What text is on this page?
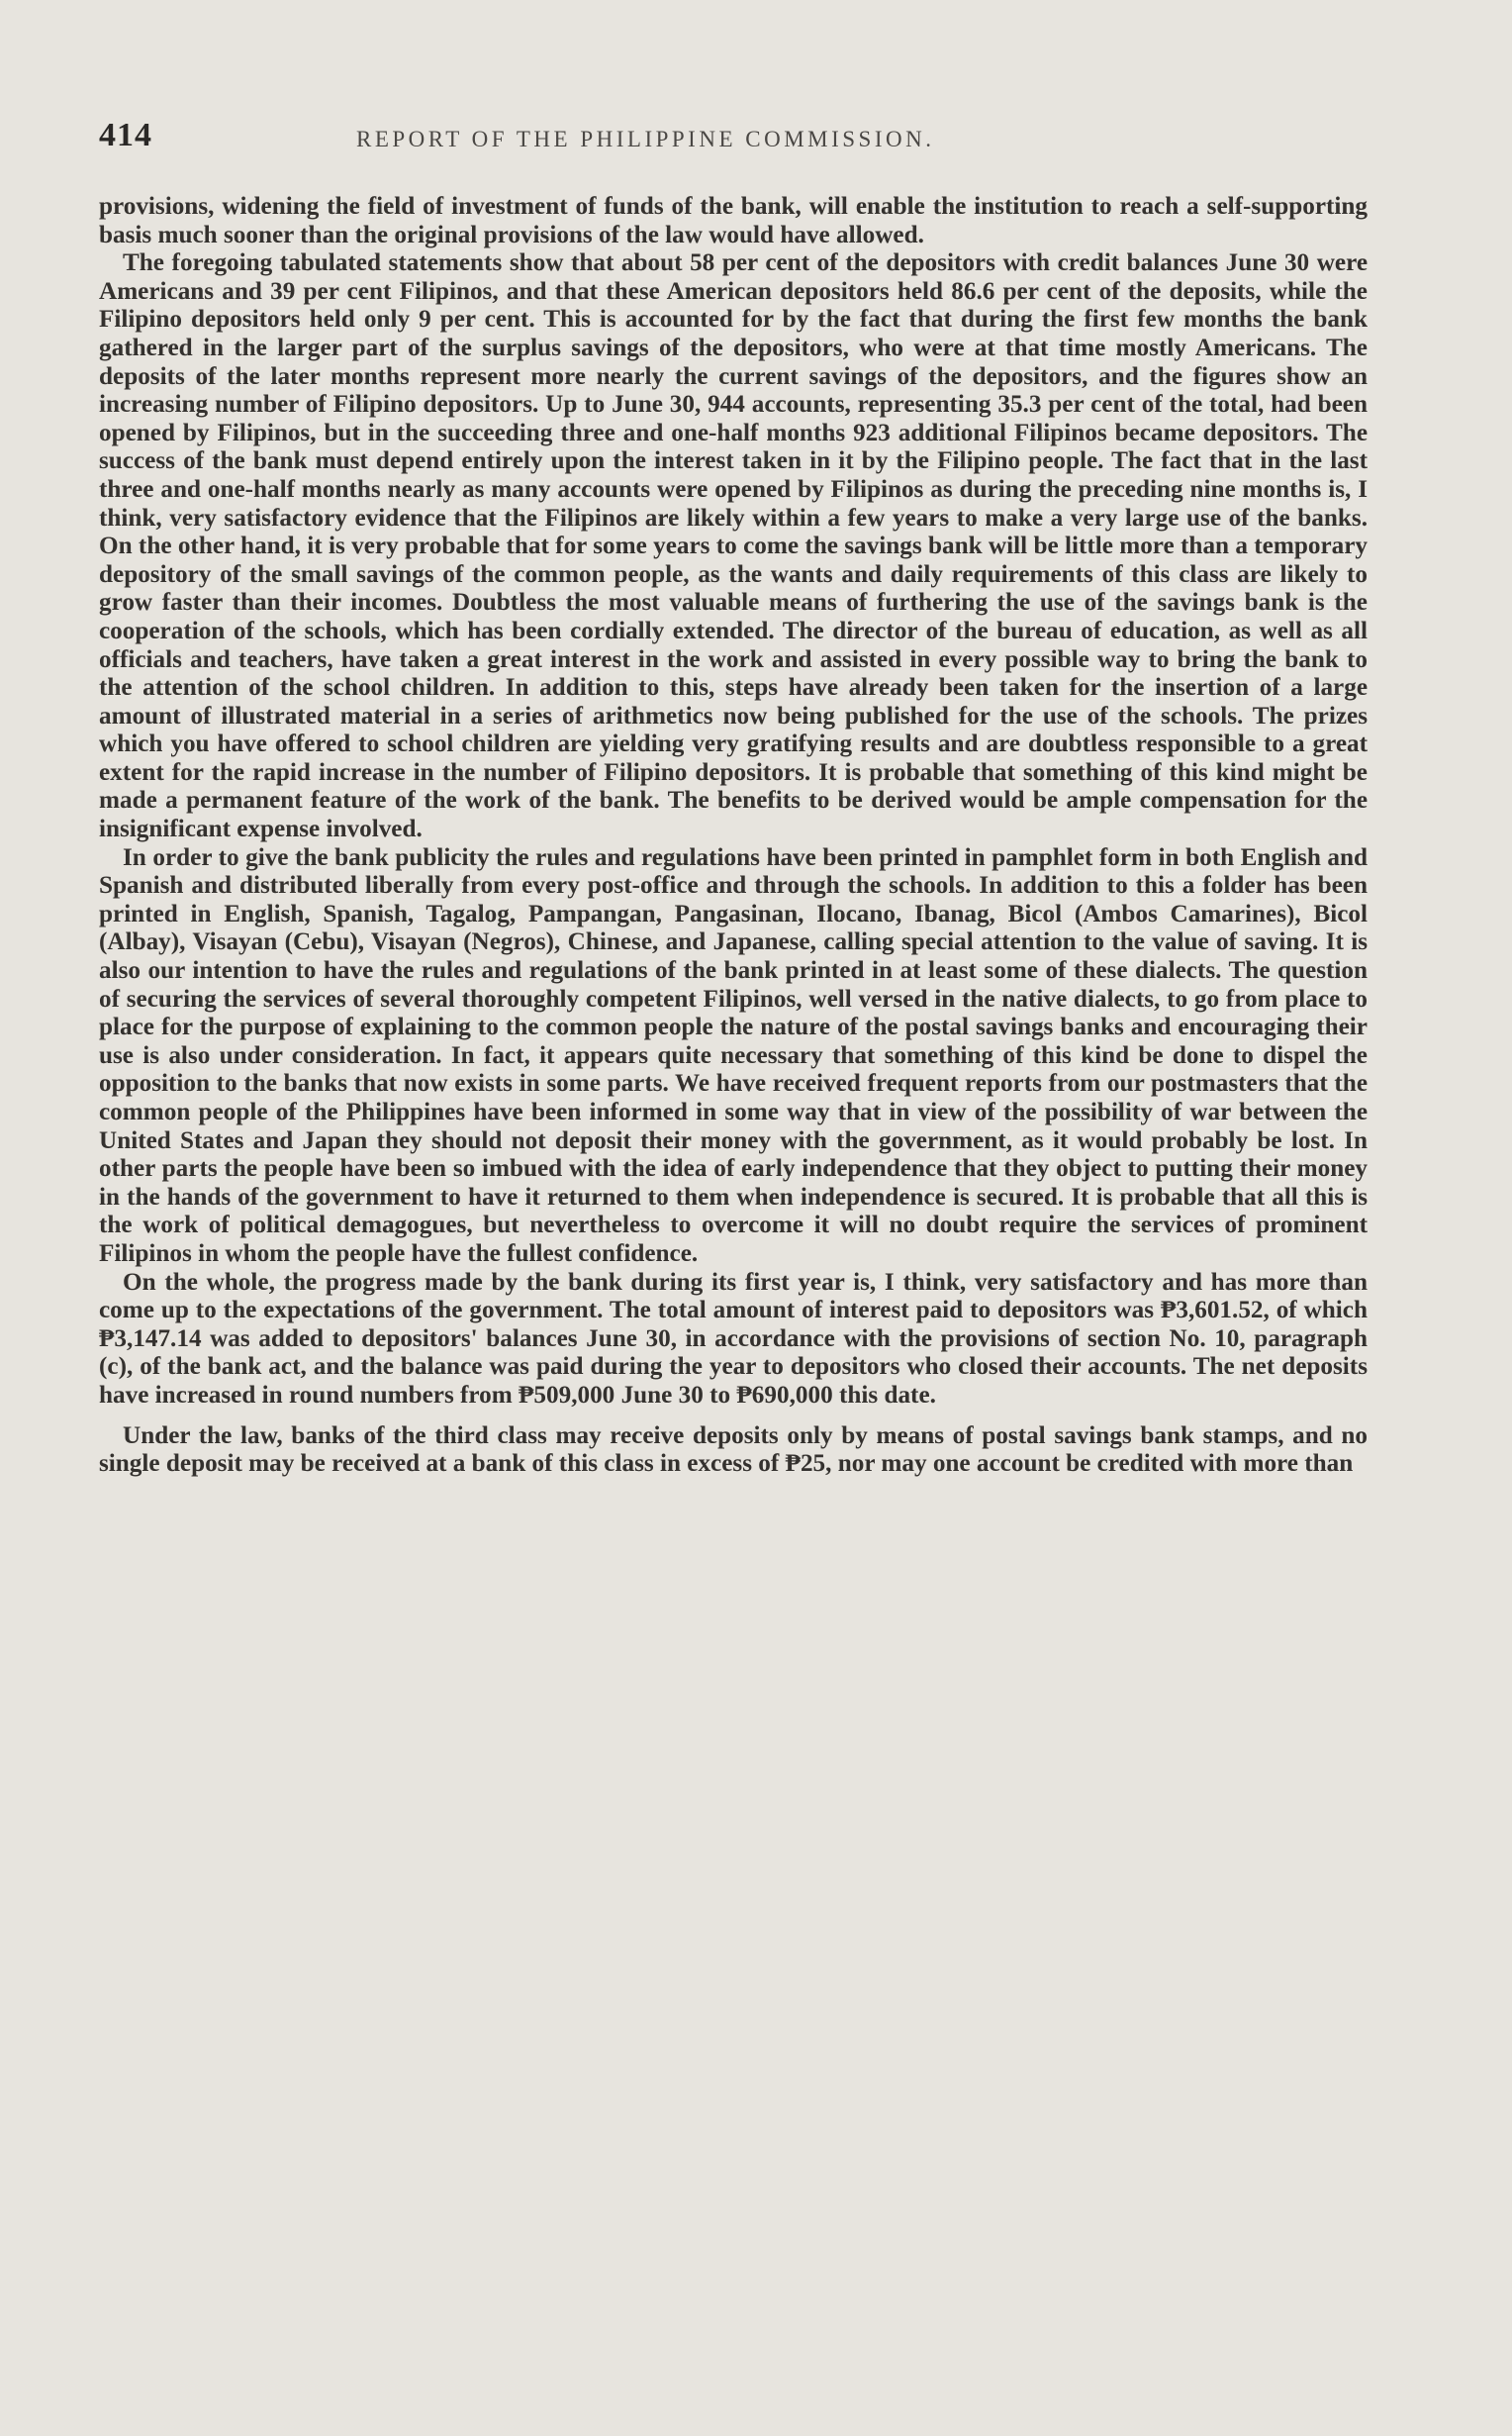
414	REPORT OF THE PHILIPPINE COMMISSION.

provisions, widening the field of investment of funds of the bank, will enable the institution to reach a self-supporting basis much sooner than the original provisions of the law would have allowed.

The foregoing tabulated statements show that about 58 per cent of the depositors with credit balances June 30 were Americans and 39 per cent Filipinos, and that these American depositors held 86.6 per cent of the deposits, while the Filipino depositors held only 9 per cent. This is accounted for by the fact that during the first few months the bank gathered in the larger part of the surplus savings of the depositors, who were at that time mostly Americans. The deposits of the later months represent more nearly the current savings of the depositors, and the figures show an increasing number of Filipino depositors. Up to June 30, 944 accounts, representing 35.3 per cent of the total, had been opened by Filipinos, but in the succeeding three and one-half months 923 additional Filipinos became depositors. The success of the bank must depend entirely upon the interest taken in it by the Filipino people. The fact that in the last three and one-half months nearly as many accounts were opened by Filipinos as during the preceding nine months is, I think, very satisfactory evidence that the Filipinos are likely within a few years to make a very large use of the banks. On the other hand, it is very probable that for some years to come the savings bank will be little more than a temporary depository of the small savings of the common people, as the wants and daily requirements of this class are likely to grow faster than their incomes. Doubtless the most valuable means of furthering the use of the savings bank is the cooperation of the schools, which has been cordially extended. The director of the bureau of education, as well as all officials and teachers, have taken a great interest in the work and assisted in every possible way to bring the bank to the attention of the school children. In addition to this, steps have already been taken for the insertion of a large amount of illustrated material in a series of arithmetics now being published for the use of the schools. The prizes which you have offered to school children are yielding very gratifying results and are doubtless responsible to a great extent for the rapid increase in the number of Filipino depositors. It is probable that something of this kind might be made a permanent feature of the work of the bank. The benefits to be derived would be ample compensation for the insignificant expense involved.

In order to give the bank publicity the rules and regulations have been printed in pamphlet form in both English and Spanish and distributed liberally from every post-office and through the schools. In addition to this a folder has been printed in English, Spanish, Tagalog, Pampangan, Pangasinan, Ilocano, Ibanag, Bicol (Ambos Camarines), Bicol (Albay), Visayan (Cebu), Visayan (Negros), Chinese, and Japanese, calling special attention to the value of saving. It is also our intention to have the rules and regulations of the bank printed in at least some of these dialects. The question of securing the services of several thoroughly competent Filipinos, well versed in the native dialects, to go from place to place for the purpose of explaining to the common people the nature of the postal savings banks and encouraging their use is also under consideration. In fact, it appears quite necessary that something of this kind be done to dispel the opposition to the banks that now exists in some parts. We have received frequent reports from our postmasters that the common people of the Philippines have been informed in some way that in view of the possibility of war between the United States and Japan they should not deposit their money with the government, as it would probably be lost. In other parts the people have been so imbued with the idea of early independence that they object to putting their money in the hands of the government to have it returned to them when independence is secured. It is probable that all this is the work of political demagogues, but nevertheless to overcome it will no doubt require the services of prominent Filipinos in whom the people have the fullest confidence.

On the whole, the progress made by the bank during its first year is, I think, very satisfactory and has more than come up to the expectations of the government. The total amount of interest paid to depositors was ₱3,601.52, of which ₱3,147.14 was added to depositors' balances June 30, in accordance with the provisions of section No. 10, paragraph (c), of the bank act, and the balance was paid during the year to depositors who closed their accounts. The net deposits have increased in round numbers from ₱509,000 June 30 to ₱690,000 this date.

Under the law, banks of the third class may receive deposits only by means of postal savings bank stamps, and no single deposit may be received at a bank of this class in excess of ₱25, nor may one account be credited with more than
